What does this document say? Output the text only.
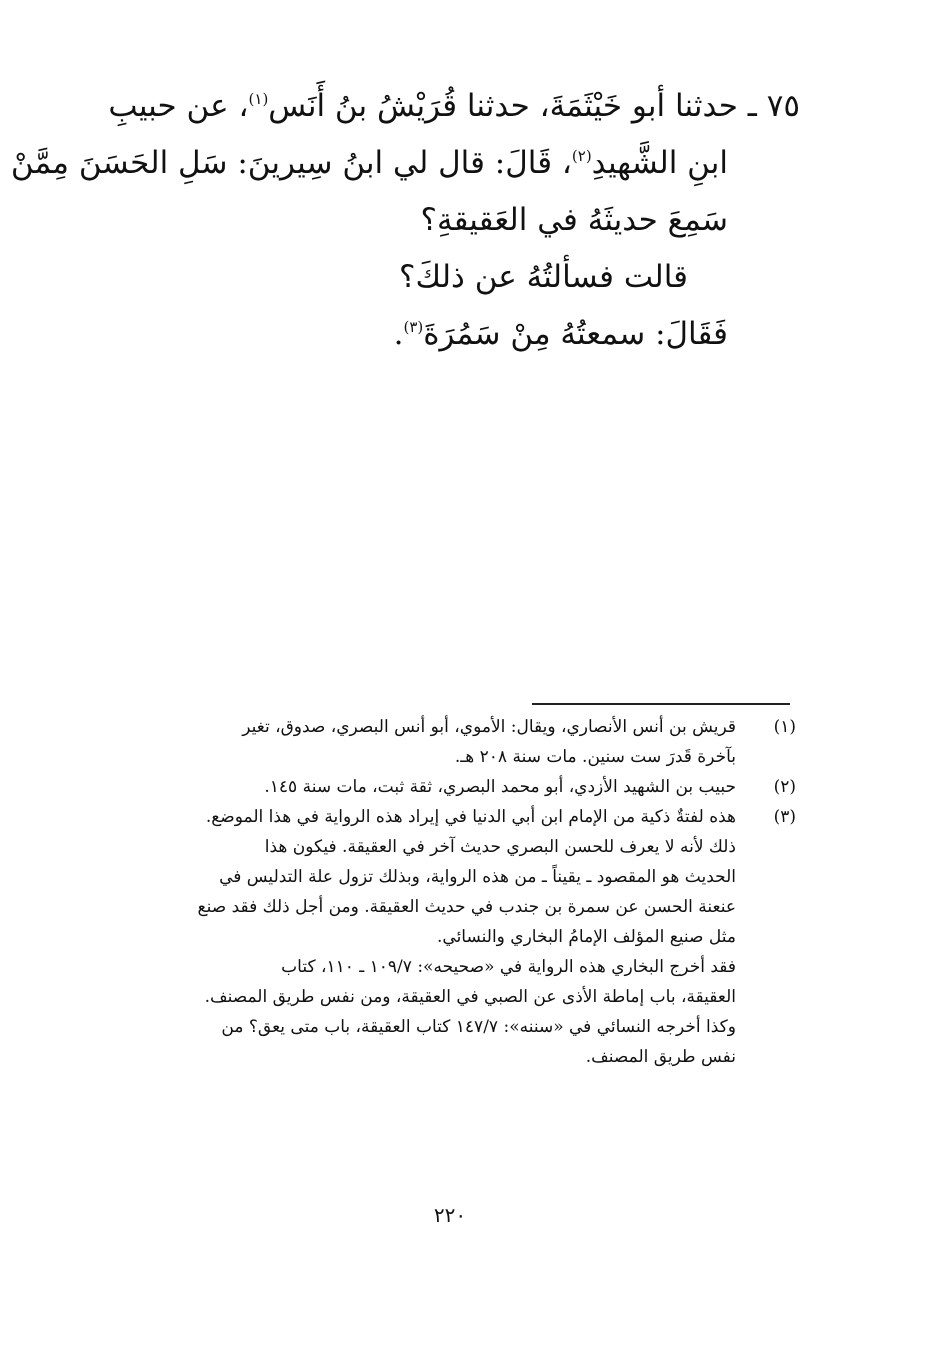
٧٥ ـ حدثنا أبو خَيْثَمَةَ، حدثنا قُرَيْشُ بنُ أَنَس$^{(١)}$، عن حبيبِ
ابنِ الشَّهيدِ$^{(٢)}$، قَالَ: قال لي ابنُ سِيرينَ: سَلِ الحَسَنَ مِمَّنْ
سَمِعَ حديثَهُ في العَقيقةِ؟
قالت فسألتُهُ عن ذلكَ؟
فَقَالَ: سمعتُهُ مِنْ سَمُرَةَ$^{(٣)}$.
(١)
قريش بن أنس الأنصاري، ويقال: الأموي، أبو أنس البصري، صدوق، تغير
بآخرة قَدرَ ست سنين. مات سنة ٢٠٨ هـ.
(٢)
حبيب بن الشهيد الأزدي، أبو محمد البصري، ثقة ثبت، مات سنة ١٤٥.
(٣)
هذه لفتةٌ ذكية من الإمام ابن أبي الدنيا في إيراد هذه الرواية في هذا الموضع.
ذلك لأنه لا يعرف للحسن البصري حديث آخر في العقيقة. فيكون هذا
الحديث هو المقصود ـ يقيناً ـ من هذه الرواية، وبذلك تزول علة التدليس في
عنعنة الحسن عن سمرة بن جندب في حديث العقيقة. ومن أجل ذلك فقد صنع
مثل صنيع المؤلف الإمامُ البخاري والنسائي.
فقد أخرج البخاري هذه الرواية في «صحيحه»: ١٠٩/٧ ـ ١١٠، كتاب
العقيقة، باب إماطة الأذى عن الصبي في العقيقة، ومن نفس طريق المصنف.
وكذا أخرجه النسائي في «سننه»: ١٤٧/٧ كتاب العقيقة، باب متى يعق؟ من
نفس طريق المصنف.
٢٢٠
